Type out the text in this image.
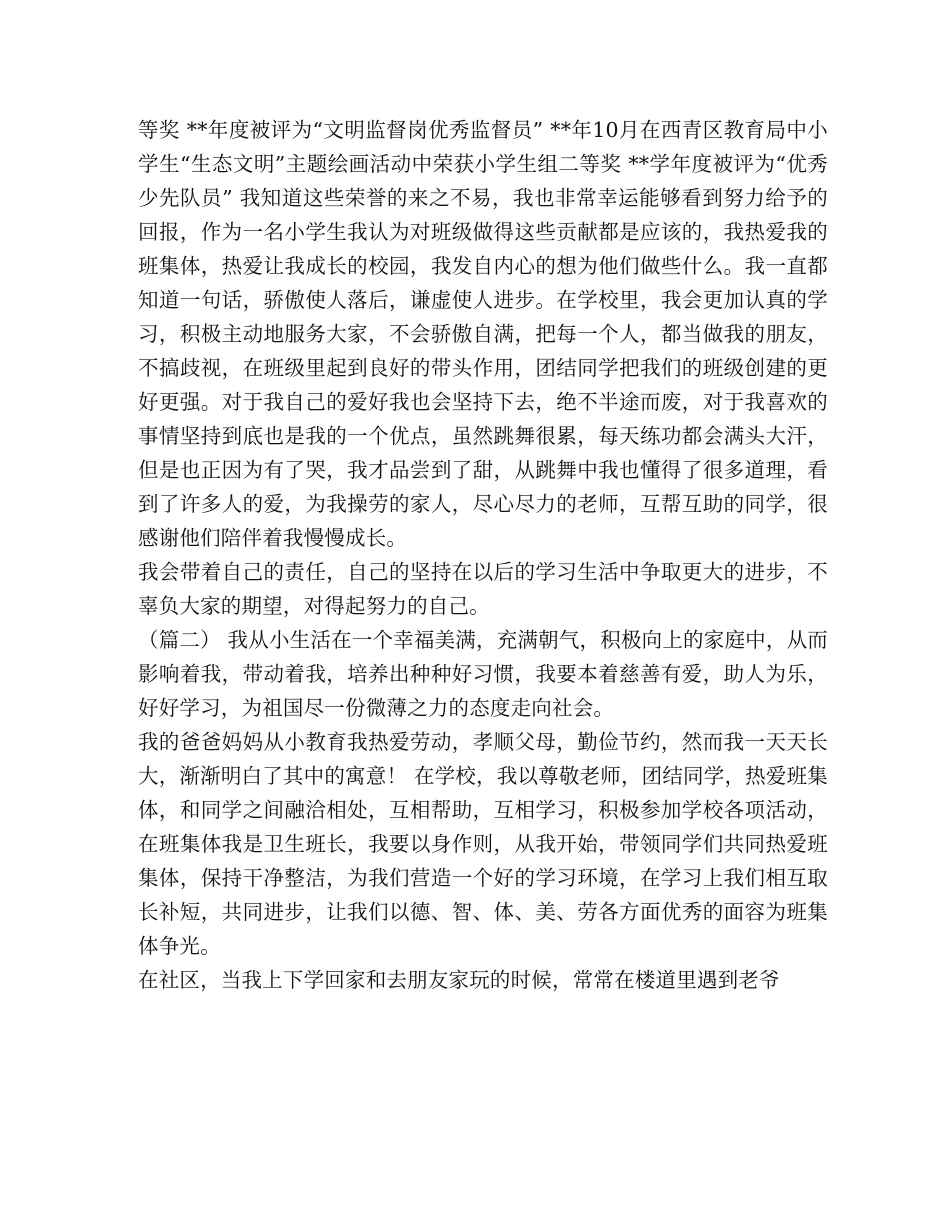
等奖 **年度被评为“文明监督岗优秀监督员” **年10月在西青区教育局中小学生“生态文明”主题绘画活动中荣获小学生组二等奖 **学年度被评为“优秀少先队员” 我知道这些荣誉的来之不易，我也非常幸运能够看到努力给予的回报，作为一名小学生我认为对班级做得这些贡献都是应该的，我热爱我的班集体，热爱让我成长的校园，我发自内心的想为他们做些什么。我一直都知道一句话，骄傲使人落后，谦虚使人进步。在学校里，我会更加认真的学习，积极主动地服务大家，不会骄傲自满，把每一个人，都当做我的朋友，不搞歧视，在班级里起到良好的带头作用，团结同学把我们的班级创建的更好更强。对于我自己的爱好我也会坚持下去，绝不半途而废，对于我喜欢的事情坚持到底也是我的一个优点，虽然跳舞很累，每天练功都会满头大汗，但是也正因为有了哭，我才品尝到了甜，从跳舞中我也懂得了很多道理，看到了许多人的爱，为我操劳的家人，尽心尽力的老师，互帮互助的同学，很感谢他们陪伴着我慢慢成长。

我会带着自己的责任，自己的坚持在以后的学习生活中争取更大的进步，不辜负大家的期望，对得起努力的自己。

（篇二） 我从小生活在一个幸福美满，充满朝气，积极向上的家庭中，从而影响着我，带动着我，培养出种种好习惯，我要本着慈善有爱，助人为乐，好好学习，为祖国尽一份微薄之力的态度走向社会。

我的爸爸妈妈从小教育我热爱劳动，孝顺父母，勤俭节约，然而我一天天长大，渐渐明白了其中的寓意！ 在学校，我以尊敬老师，团结同学，热爱班集体，和同学之间融洽相处，互相帮助，互相学习，积极参加学校各项活动，在班集体我是卫生班长，我要以身作则，从我开始，带领同学们共同热爱班集体，保持干净整洁，为我们营造一个好的学习环境，在学习上我们相互取长补短，共同进步，让我们以德、智、体、美、劳各方面优秀的面容为班集体争光。

在社区，当我上下学回家和去朋友家玩的时候，常常在楼道里遇到老爷
